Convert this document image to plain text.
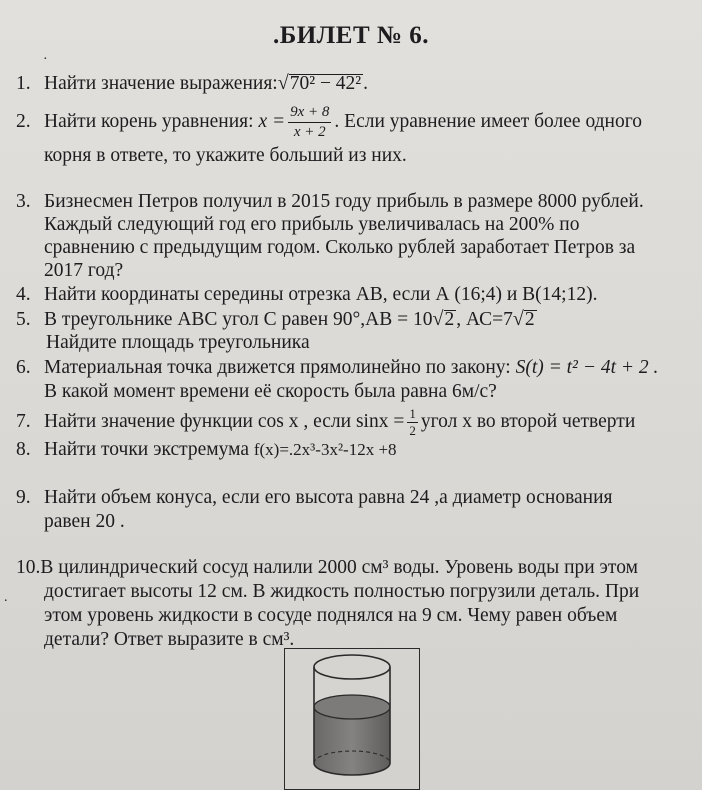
.БИЛЕТ № 6.
·
1. Найти значение выражения:√70² − 42² .
2. Найти корень уравнения: $x = \frac{9x + 8}{x + 2}$ . Если уравнение имеет более одного
корня в ответе, то укажите больший из них.
3. Бизнесмен Петров получил в 2015 году прибыль в размере 8000 рублей.
Каждый следующий год его прибыль увеличивалась на 200% по
сравнению с предыдущим годом. Сколько рублей заработает Петров за
2017 год?
4. Найти координаты середины отрезка АВ, если А (16;4) и В(14;12).
5. В треугольнике АВС угол С равен 90°,АВ = 10√2 , АС=7√2
Найдите площадь треугольника
6. Материальная точка движется прямолинейно по закону: S(t) = t² − 4t + 2 .
В какой момент времени её скорость была равна 6м/с?
7. Найти значение функции cos x , если $\sin x = \frac{1}{2}$ угол x во второй четверти
8. Найти точки экстремума f(x)=.2x³-3x²-12x +8
9. Найти объем конуса, если его высота равна 24 ,а диаметр основания
равен 20 .
10.В цилиндрический сосуд налили 2000 см³ воды. Уровень воды при этом
достигает высоты 12 см. В жидкость полностью погрузили деталь. При
этом уровень жидкости в сосуде поднялся на 9 см. Чему равен объем
детали? Ответ выразите в см³.
.
